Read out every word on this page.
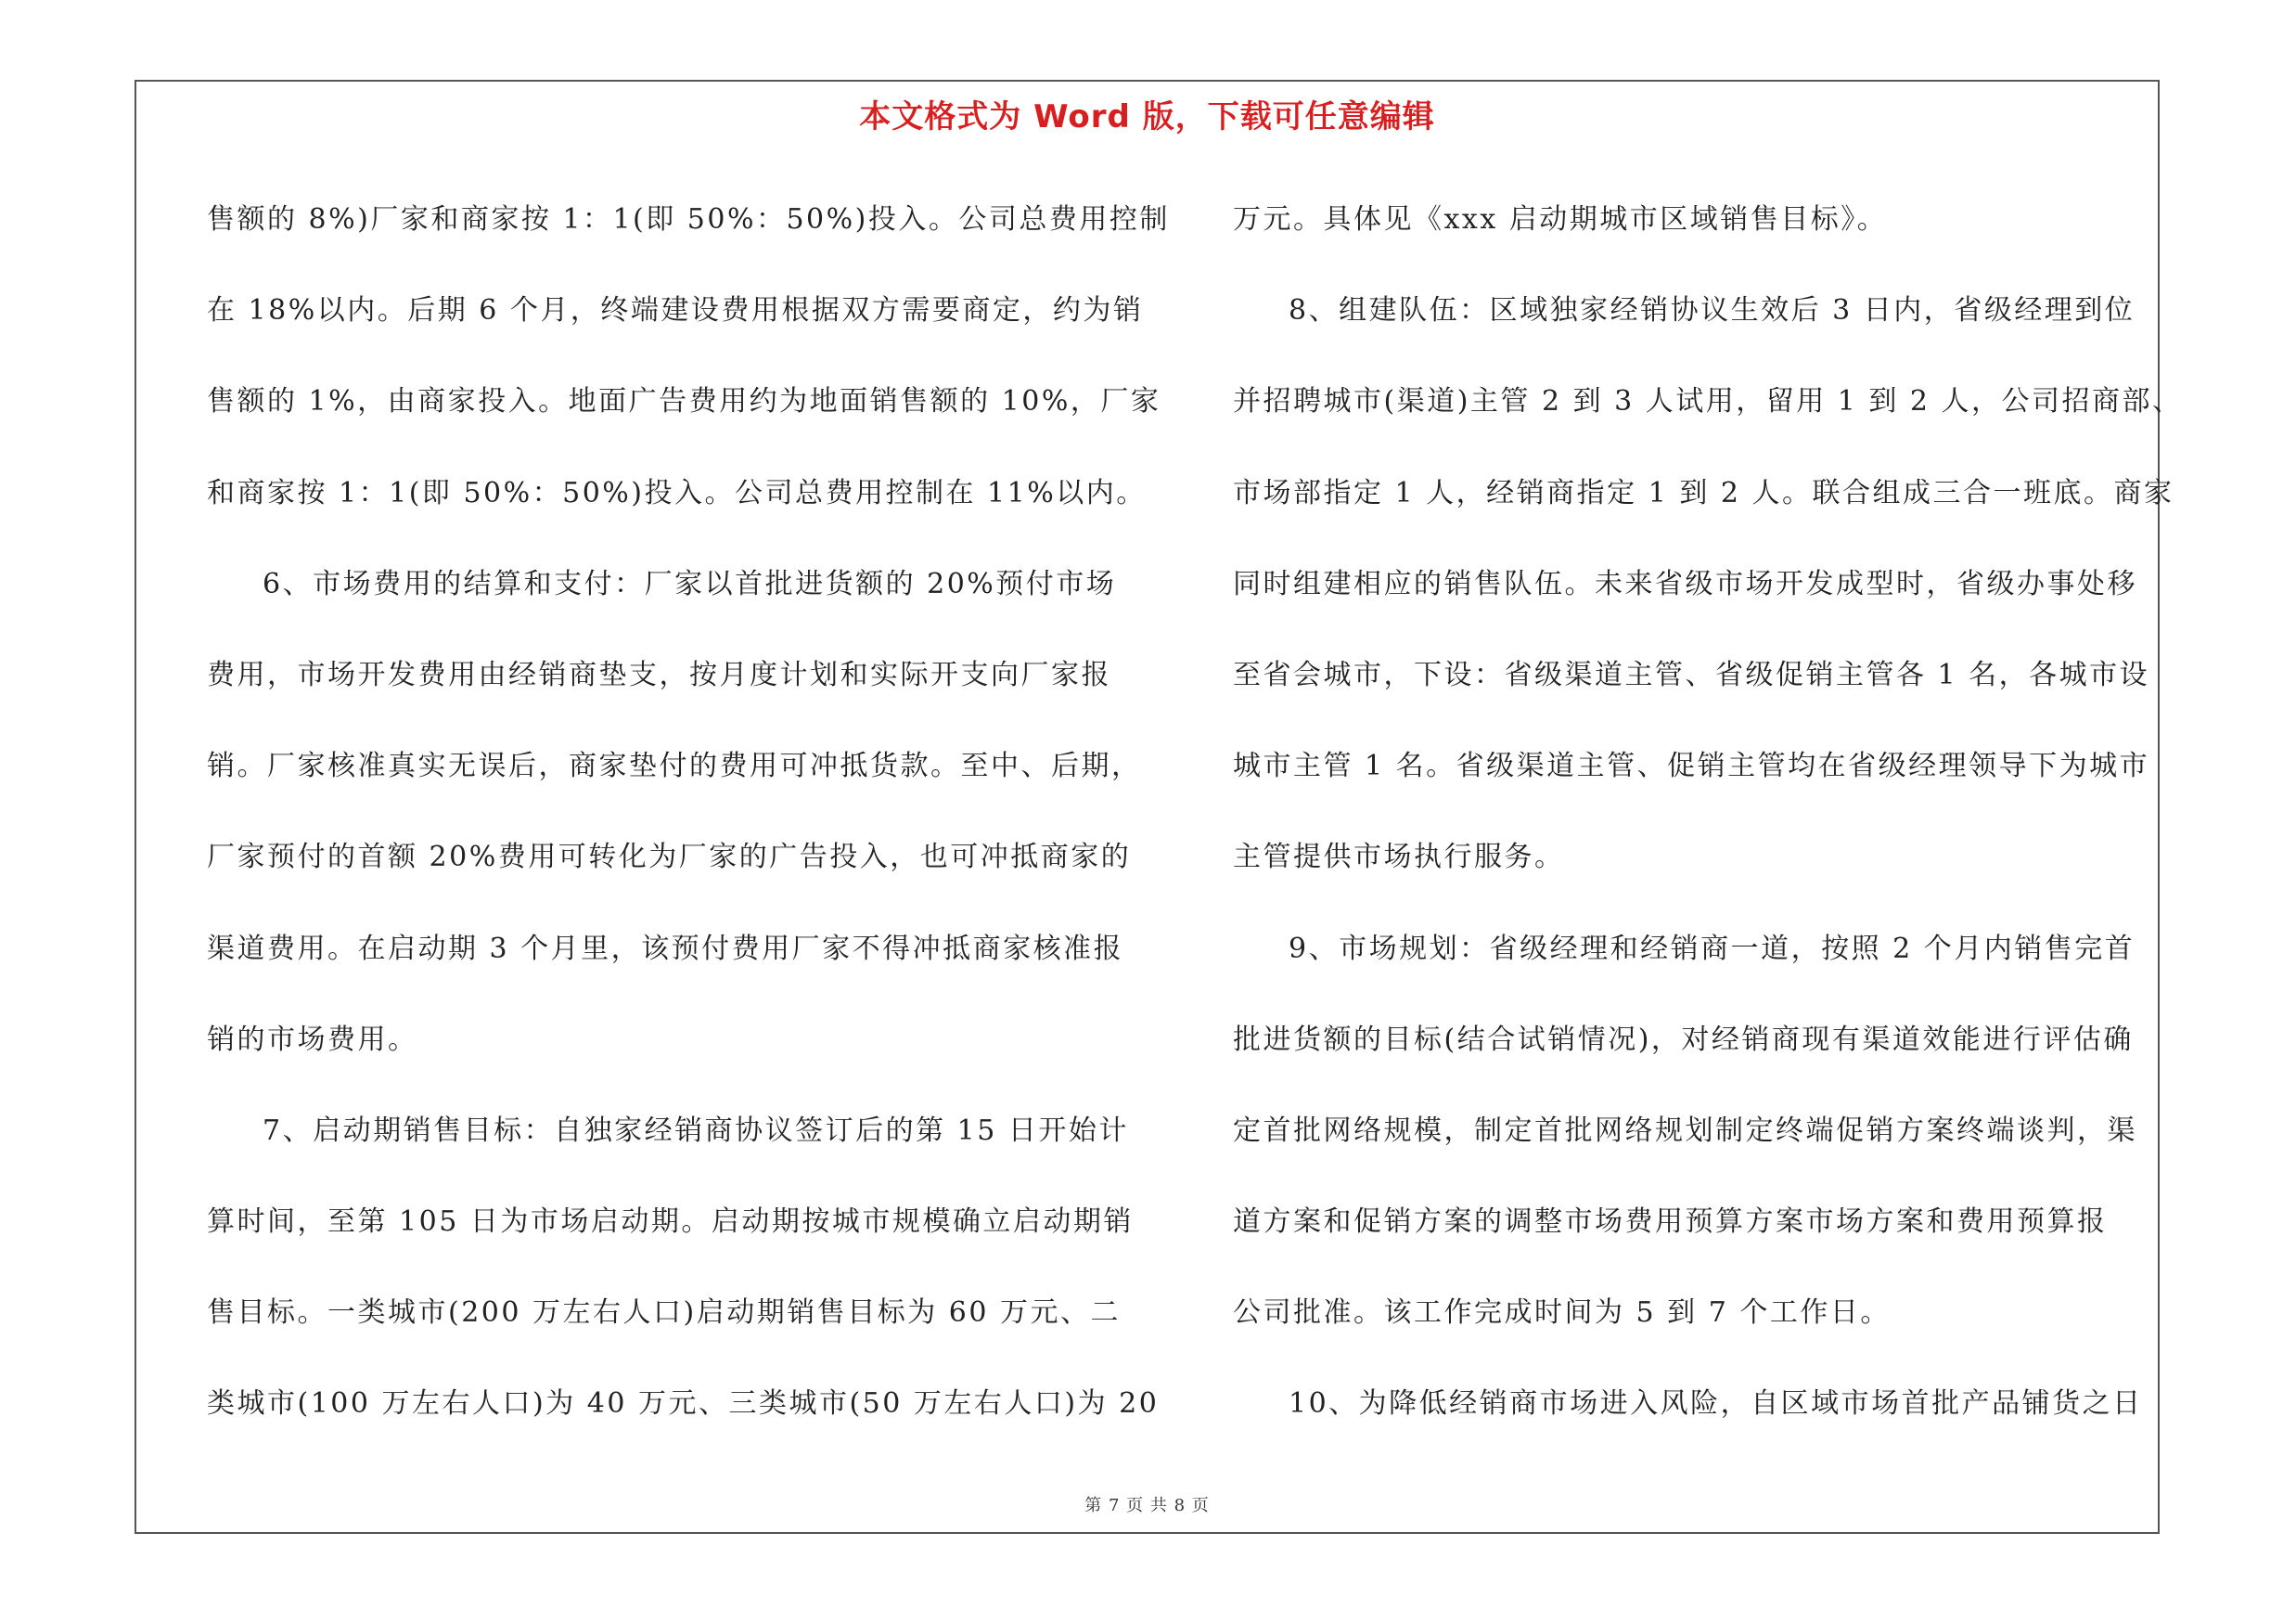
本文格式为 Word 版，下载可任意编辑
售额的 8%)厂家和商家按 1：1(即 50%：50%)投入。公司总费用控制
在 18%以内。后期 6 个月，终端建设费用根据双方需要商定，约为销
售额的 1%，由商家投入。地面广告费用约为地面销售额的 10%，厂家
和商家按 1：1(即 50%：50%)投入。公司总费用控制在 11%以内。
6、市场费用的结算和支付：厂家以首批进货额的 20%预付市场
费用，市场开发费用由经销商垫支，按月度计划和实际开支向厂家报
销。厂家核准真实无误后，商家垫付的费用可冲抵货款。至中、后期，
厂家预付的首额 20%费用可转化为厂家的广告投入，也可冲抵商家的
渠道费用。在启动期 3 个月里，该预付费用厂家不得冲抵商家核准报
销的市场费用。
7、启动期销售目标：自独家经销商协议签订后的第 15 日开始计
算时间，至第 105 日为市场启动期。启动期按城市规模确立启动期销
售目标。一类城市(200 万左右人口)启动期销售目标为 60 万元、二
类城市(100 万左右人口)为 40 万元、三类城市(50 万左右人口)为 20
万元。具体见《xxx 启动期城市区域销售目标》。
8、组建队伍：区域独家经销协议生效后 3 日内，省级经理到位
并招聘城市(渠道)主管 2 到 3 人试用，留用 1 到 2 人，公司招商部、
市场部指定 1 人，经销商指定 1 到 2 人。联合组成三合一班底。商家
同时组建相应的销售队伍。未来省级市场开发成型时，省级办事处移
至省会城市，下设：省级渠道主管、省级促销主管各 1 名，各城市设
城市主管 1 名。省级渠道主管、促销主管均在省级经理领导下为城市
主管提供市场执行服务。
9、市场规划：省级经理和经销商一道，按照 2 个月内销售完首
批进货额的目标(结合试销情况)，对经销商现有渠道效能进行评估确
定首批网络规模，制定首批网络规划制定终端促销方案终端谈判，渠
道方案和促销方案的调整市场费用预算方案市场方案和费用预算报
公司批准。该工作完成时间为 5 到 7 个工作日。
10、为降低经销商市场进入风险，自区域市场首批产品铺货之日
第 7 页 共 8 页
